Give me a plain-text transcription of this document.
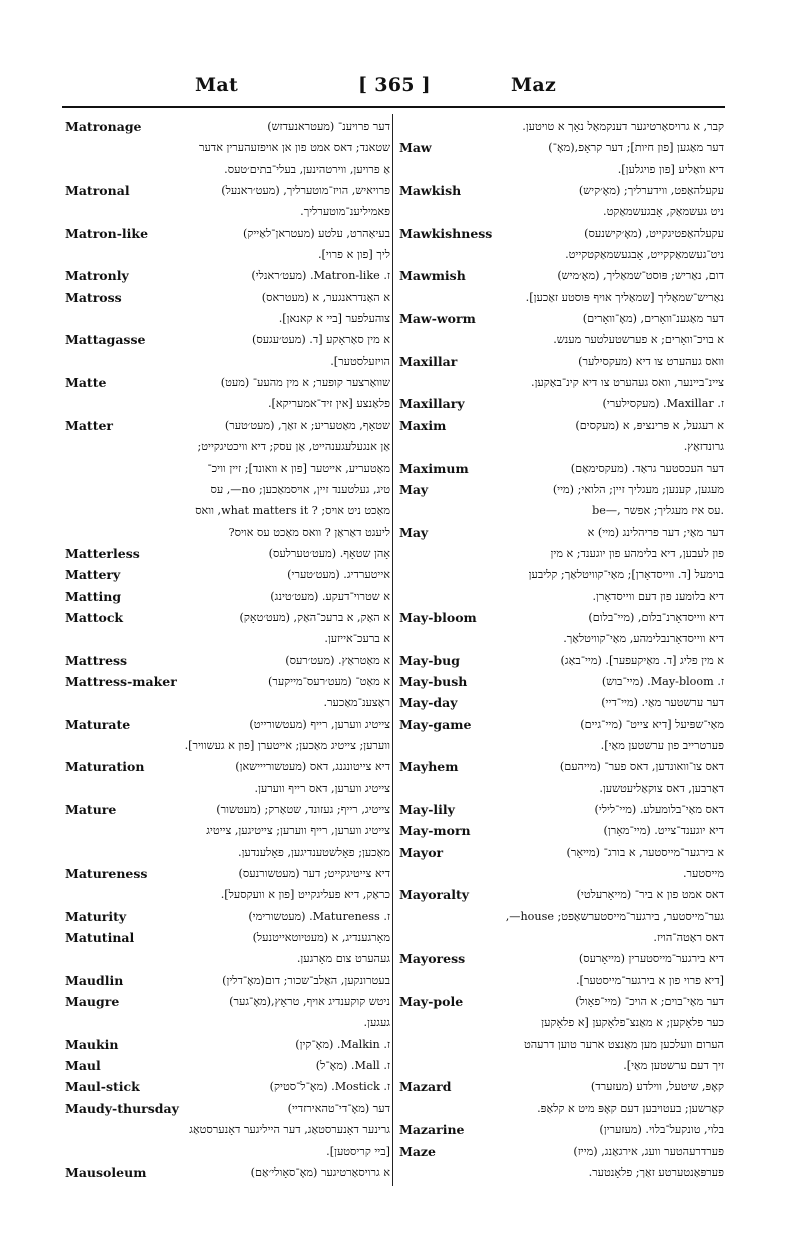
Mat	[ 365 ]	Maz
דער פרויענ־ (מעטראנעדזש)
Matronage
שטאנד; דאס אמט פון אן אויפזעהערין אדער
אַ פרויען, ווירטהינען, בעלי־בתים׳טעס.
פרויאיש, הויז־מוטערליך, (מעט׳ראנעל)
Matronal
פאמיליענ־מוטערליך.
בעיאַהרט, עלטע (מעטראן־לאַייק)
Matron-like
ליך [פון א פרוי].
ז. Matron-like. (מעט׳ראנלי)
Matronly
א האַנדראנגער, א (מעטראס)
Matross
צוהעלפער [ביי א קאנאן].
א מין סאַראָקע [ד. (מעט׳עגעס)
Mattagasse
הויזעלסטער].
שוואַרצער קופער; א מין מהעע־ (מעט)
Matte
פלאַנצע [אין זיד־אמעריקא].
שטאָף, מאַטעריע; א זאַך, (מעט׳טער)
Matter
אַן אנגעלעגענהייט, אַן עסק; דיא וויכטיגקייט;
מאַטעריע, אייטער [פון א וואונד]; זיין וויכ־
טיג, געלטענד זיין, אויסמאַכען; no—, עס
מאַכט ניט אויס; ? what matters it, וואס
ליעגט דאַראַן ? וואס מאַכט עס אויס?
אָהן שטאָף. (מעט׳טערלעס)
Matterless
אייטערדיג. (מעט׳טערי)
Mattery
א שטרוי־דעקע. (מעט׳טינג)
Matting
א האַק, א ברעכ־האַק, (מעט׳טאָק)
Mattock
א ברעכ־אייזען.
א מאַטראַץ. (מעט׳רעס)
Mattress
א מאַט־ (מעט׳רעס־מייקער)
Mattress-maker
ראַצענ־מאַכער.
צייטיג ווערען, רייף (מעטשורייט)
Maturate
ווערען; צייטיג מאַכען; אייטערן [פון א געשוויר].
דיא צייטונגנג, דאס (מעטשורייישאן)
Maturation
צייטיג ווערען, דאס רייף ווערען.
צייטיג, רייף; געזונד, שטאַרק; (מעטשור)
Mature
צייטיג ווערען, רייף ווערען; צייטיגען, צייטיג
מאַכען; פאָלשטענדיגען, פאָלענדען.
דיא צייטיגקייט; דער (מעטשורנעס)
Matureness
כראַק, דיא פעליגקייט [פון א וועקסעל].
ז. Matureness. (מעטשורימי)
Maturity
מאָרגענדיג, א (מעטיוטאייטנעל)
Matutinal
געהערט צום מאָרגען.
בעטרונקען, האַלב־שכור; דום(מאָ־דלין)
Maudlin
ניטש קוקענדיג אויף, טראָץ,(מאָ־גער)
Maugre
געגען.
ז. Malkin. (מאָ־קין)
Maukin
ז. Mall. (מאָ־ל)
Maul
ז. Mostick. (מאָ־ל־סטיק)
Maul-stick
דער (מאָ־די־טהאירזדיי)
Maudy-thursday
גרינער דאָנערסטאַג, דער הייליגער דאָנערסטאַג
[ביי קריסטען].
א גרויסאַרטיגער (מאָ־סאָולי׳אַם)
Mausoleum
קבר, א גרויסאַרטיגער דענקמאַל נאָך א טויטען.
דער מאַגען [פון חיות]; דער קראָפ,(מאָ־)
Maw
דיא וואַליע [פון פויגלען].
עקעלהאַפט, ווידערליך; (מאָ׳קיש)
Mawkish
ניט געשמאַק, אָבגעשמאַקט.
עקעלהאַפטיגקייט, (מאָ׳קישנעס)
Mawkishness
ניט־געשמאַקקייט, אָבגעשמאַקטקייט.
דום, נאַריש; פּוסט־שמאַליך, (מאָ׳מיש)
Mawmish
נאַריש־שמאַליך [שמאַליך אויף פּוסטע זאַכען].
דער מאַגענ־וואָרים, (מאָ־וואָרים)
Maw-worm
א בויכ־וואָרים; א פערשטעלטער מענש.
וואס געהערט צו דיא (מעקסילער)
Maxillar
ציינ־ביינער, וואס געהערט צו דיא קינ־באַקען.
ז. Maxillar. (מעקסילערי)
Maxillary
א רעגעל, א פּרינציפּ, א (מעקסים)
Maxim
גרונדזאַץ.
דער העכסטער גראַד. (מעקסימאַם)
Maximum
מעגען, קענען; מעגליך זיין; הלואי; (מיי)
May
be—, עס איז מעגליך; אפשר.
דער מאַי; דער פריהלינג (מיי) א
May
פון לעבען, דיא בלימהע פון יוגענד; א מין
בוימעל [ד. ווייסדאָרן]; מאַי־קוויטלאַך; קליבען
דיא בלומענ פון דעם ווייסדאָרן.
דיא ווייסדאָרנ־בלום, (מיי־בלום)
May-bloom
דיא ווייסדאָרנבלימהע, מאַי־קוויטלאַך.
א מין פליג [ד. מאַיקעפער]. (מיי־באַג)
May-bug
ז. May-bloom. (מיי־בוש)
May-bush
דער ערשטער מאַי. (מיי־דיי)
May-day
מאַי־שפּיעל [דיא צייט־ (מיי־גיים)
May-game
פערטרייב פון ערשטען מאַי].
דאס צו־וואונדען, דאס פער־ (מייהעם)
Mayhem
דאַרבען, דאס צוקאַליעטשען.
דאס מאַי־בלומעלע. (מיי־לילי)
May-lily
דיא יוגענד־צייט. (מיי־מאָרן)
May-morn
א בירגער־מייסטער, א בורג־ (מייאָר)
Mayor
מייסטער.
דאס אמט פון א ביר־ (מייאָרעלטי)
Mayoralty
גער־מייסטער, בירגער־מייסטערשאַפט; house—,
דאס ראַטה־הויז.
דיא בירגער־מייסטערין (מייאָרעס)
Mayoress
[דיא פרוי פון א בירגער־מייסטער].
דער מאַי־בוים; א הויכ־ (מיי־פאָול)
May-pole
כער פלאָקען; א מאַנצ־פלאָקען [א פלאָקען
הערום וועלכען מען מאַנצט ארער טוען דרעהט
זיך דעם ערשטען מאַי].
קאָפּ, שיטעל, ווילדע (מעזערד)
Mazard
קאַרשען; בעטויבען דעם קאָפּ מיט א קלאַפּ.
בלוי, טונקעל־בלוי. (מעזערין)
Mazarine
פערדרעהטער וועג, אירגאַנג, (מייז)
Maze
פערפּאַנטערטע זאַך; פלאָנטער.
